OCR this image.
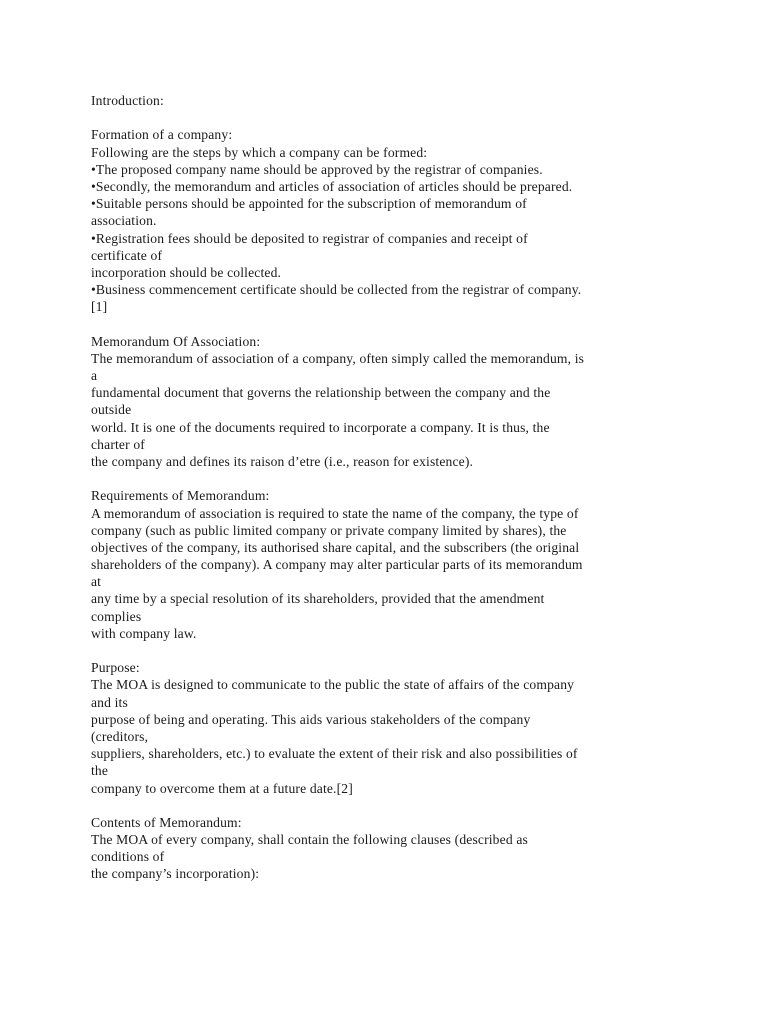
Introduction:
Formation of a company:
Following are the steps by which a company can be formed:
•The proposed company name should be approved by the registrar of companies.
•Secondly, the memorandum and articles of association of articles should be prepared.
•Suitable persons should be appointed for the subscription of memorandum of
association.
•Registration fees should be deposited to registrar of companies and receipt of
certificate of
incorporation should be collected.
•Business commencement certificate should be collected from the registrar of company.
[1]
Memorandum Of Association:
The memorandum of association of a company, often simply called the memorandum, is
a
fundamental document that governs the relationship between the company and the
outside
world. It is one of the documents required to incorporate a company. It is thus, the
charter of
the company and defines its raison d’etre (i.e., reason for existence).
Requirements of Memorandum:
A memorandum of association is required to state the name of the company, the type of
company (such as public limited company or private company limited by shares), the
objectives of the company, its authorised share capital, and the subscribers (the original
shareholders of the company). A company may alter particular parts of its memorandum
at
any time by a special resolution of its shareholders, provided that the amendment
complies
with company law.
Purpose:
The MOA is designed to communicate to the public the state of affairs of the company
and its
purpose of being and operating. This aids various stakeholders of the company
(creditors,
suppliers, shareholders, etc.) to evaluate the extent of their risk and also possibilities of
the
company to overcome them at a future date.[2]
Contents of Memorandum:
The MOA of every company, shall contain the following clauses (described as
conditions of
the company’s incorporation):
